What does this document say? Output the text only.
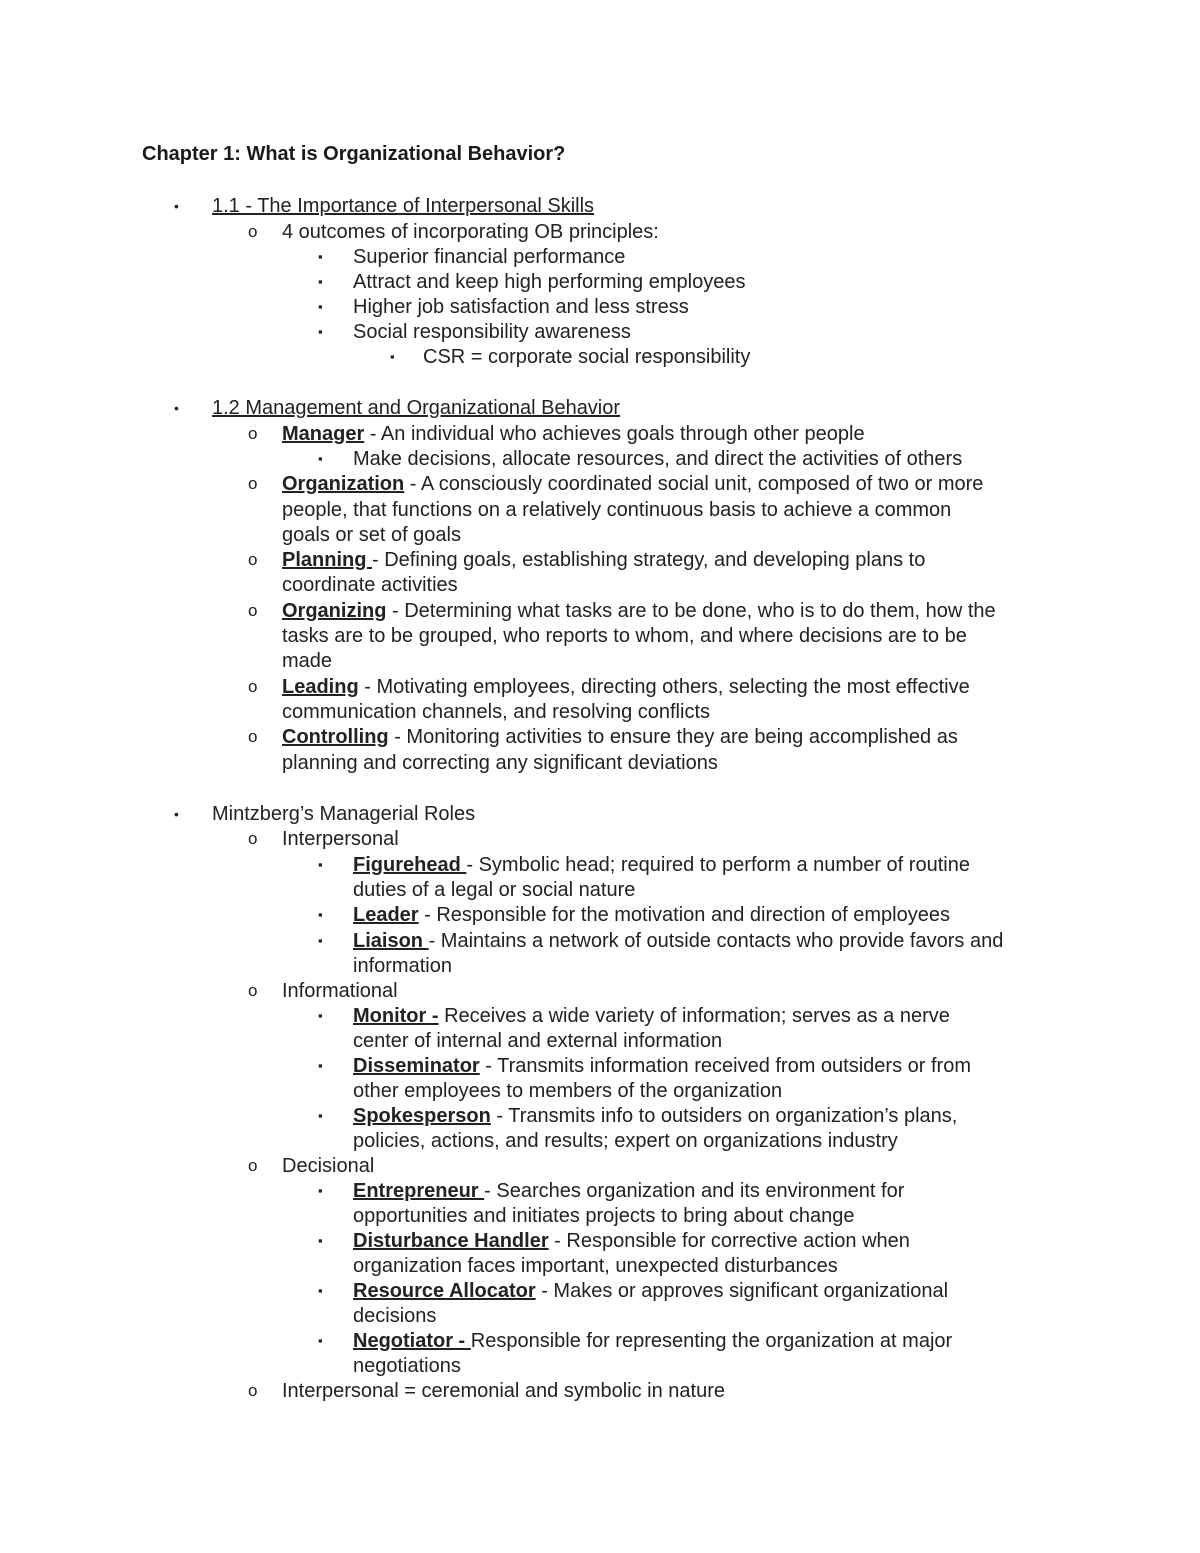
Chapter 1: What is Organizational Behavior?
• 1.1 - The Importance of Interpersonal Skills
o 4 outcomes of incorporating OB principles:
▪ Superior financial performance
▪ Attract and keep high performing employees
▪ Higher job satisfaction and less stress
▪ Social responsibility awareness
▪ CSR = corporate social responsibility
• 1.2 Management and Organizational Behavior
o Manager - An individual who achieves goals through other people
▪ Make decisions, allocate resources, and direct the activities of others
o Organization - A consciously coordinated social unit, composed of two or more
people, that functions on a relatively continuous basis to achieve a common
goals or set of goals
o Planning - Defining goals, establishing strategy, and developing plans to
coordinate activities
o Organizing - Determining what tasks are to be done, who is to do them, how the
tasks are to be grouped, who reports to whom, and where decisions are to be
made
o Leading - Motivating employees, directing others, selecting the most effective
communication channels, and resolving conflicts
o Controlling - Monitoring activities to ensure they are being accomplished as
planning and correcting any significant deviations
• Mintzberg’s Managerial Roles
o Interpersonal
▪ Figurehead - Symbolic head; required to perform a number of routine
duties of a legal or social nature
▪ Leader - Responsible for the motivation and direction of employees
▪ Liaison - Maintains a network of outside contacts who provide favors and
information
o Informational
▪ Monitor - Receives a wide variety of information; serves as a nerve
center of internal and external information
▪ Disseminator - Transmits information received from outsiders or from
other employees to members of the organization
▪ Spokesperson - Transmits info to outsiders on organization’s plans,
policies, actions, and results; expert on organizations industry
o Decisional
▪ Entrepreneur - Searches organization and its environment for
opportunities and initiates projects to bring about change
▪ Disturbance Handler - Responsible for corrective action when
organization faces important, unexpected disturbances
▪ Resource Allocator - Makes or approves significant organizational
decisions
▪ Negotiator - Responsible for representing the organization at major
negotiations
o Interpersonal = ceremonial and symbolic in nature
